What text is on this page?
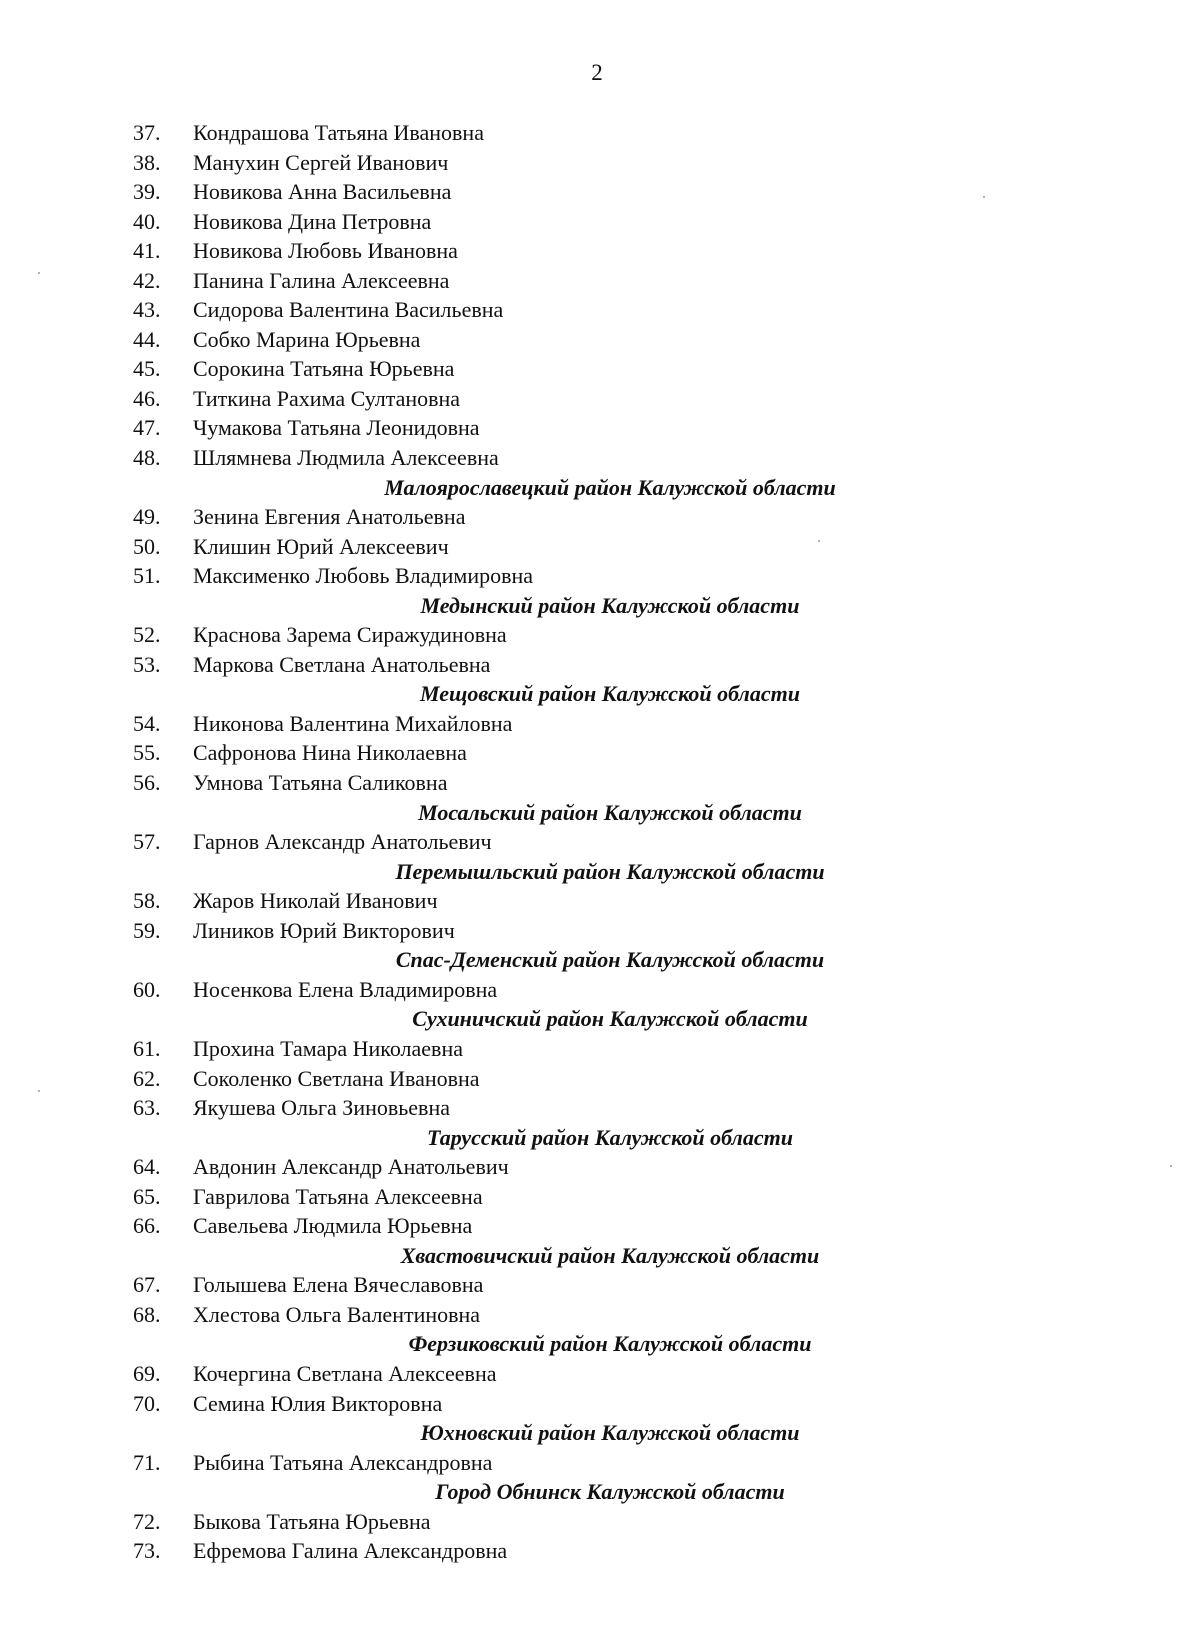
2
37.	Кондрашова Татьяна Ивановна
38.	Манухин Сергей Иванович
39.	Новикова Анна Васильевна
40.	Новикова Дина Петровна
41.	Новикова Любовь Ивановна
42.	Панина Галина Алексеевна
43.	Сидорова Валентина Васильевна
44.	Собко Марина Юрьевна
45.	Сорокина Татьяна Юрьевна
46.	Титкина Рахима Султановна
47.	Чумакова Татьяна Леонидовна
48.	Шлямнева Людмила Алексеевна
Малоярославецкий район Калужской области
49.	Зенина Евгения Анатольевна
50.	Клишин Юрий Алексеевич
51.	Максименко Любовь Владимировна
Медынский район Калужской области
52.	Краснова Зарема Сиражудиновна
53.	Маркова Светлана Анатольевна
Мещовский район Калужской области
54.	Никонова Валентина Михайловна
55.	Сафронова Нина Николаевна
56.	Умнова Татьяна Саликовна
Мосальский район Калужской области
57.	Гарнов Александр Анатольевич
Перемышльский район Калужской области
58.	Жаров Николай Иванович
59.	Лиников Юрий Викторович
Спас-Деменский район Калужской области
60.	Носенкова Елена Владимировна
Сухиничский район Калужской области
61.	Прохина Тамара Николаевна
62.	Соколенко Светлана Ивановна
63.	Якушева Ольга Зиновьевна
Тарусский район Калужской области
64.	Авдонин Александр Анатольевич
65.	Гаврилова Татьяна Алексеевна
66.	Савельева Людмила Юрьевна
Хвастовичский район Калужской области
67.	Голышева Елена Вячеславовна
68.	Хлестова Ольга Валентиновна
Ферзиковский район Калужской области
69.	Кочергина Светлана Алексеевна
70.	Семина Юлия Викторовна
Юхновский район Калужской области
71.	Рыбина Татьяна Александровна
Город Обнинск Калужской области
72.	Быкова Татьяна Юрьевна
73.	Ефремова Галина Александровна
